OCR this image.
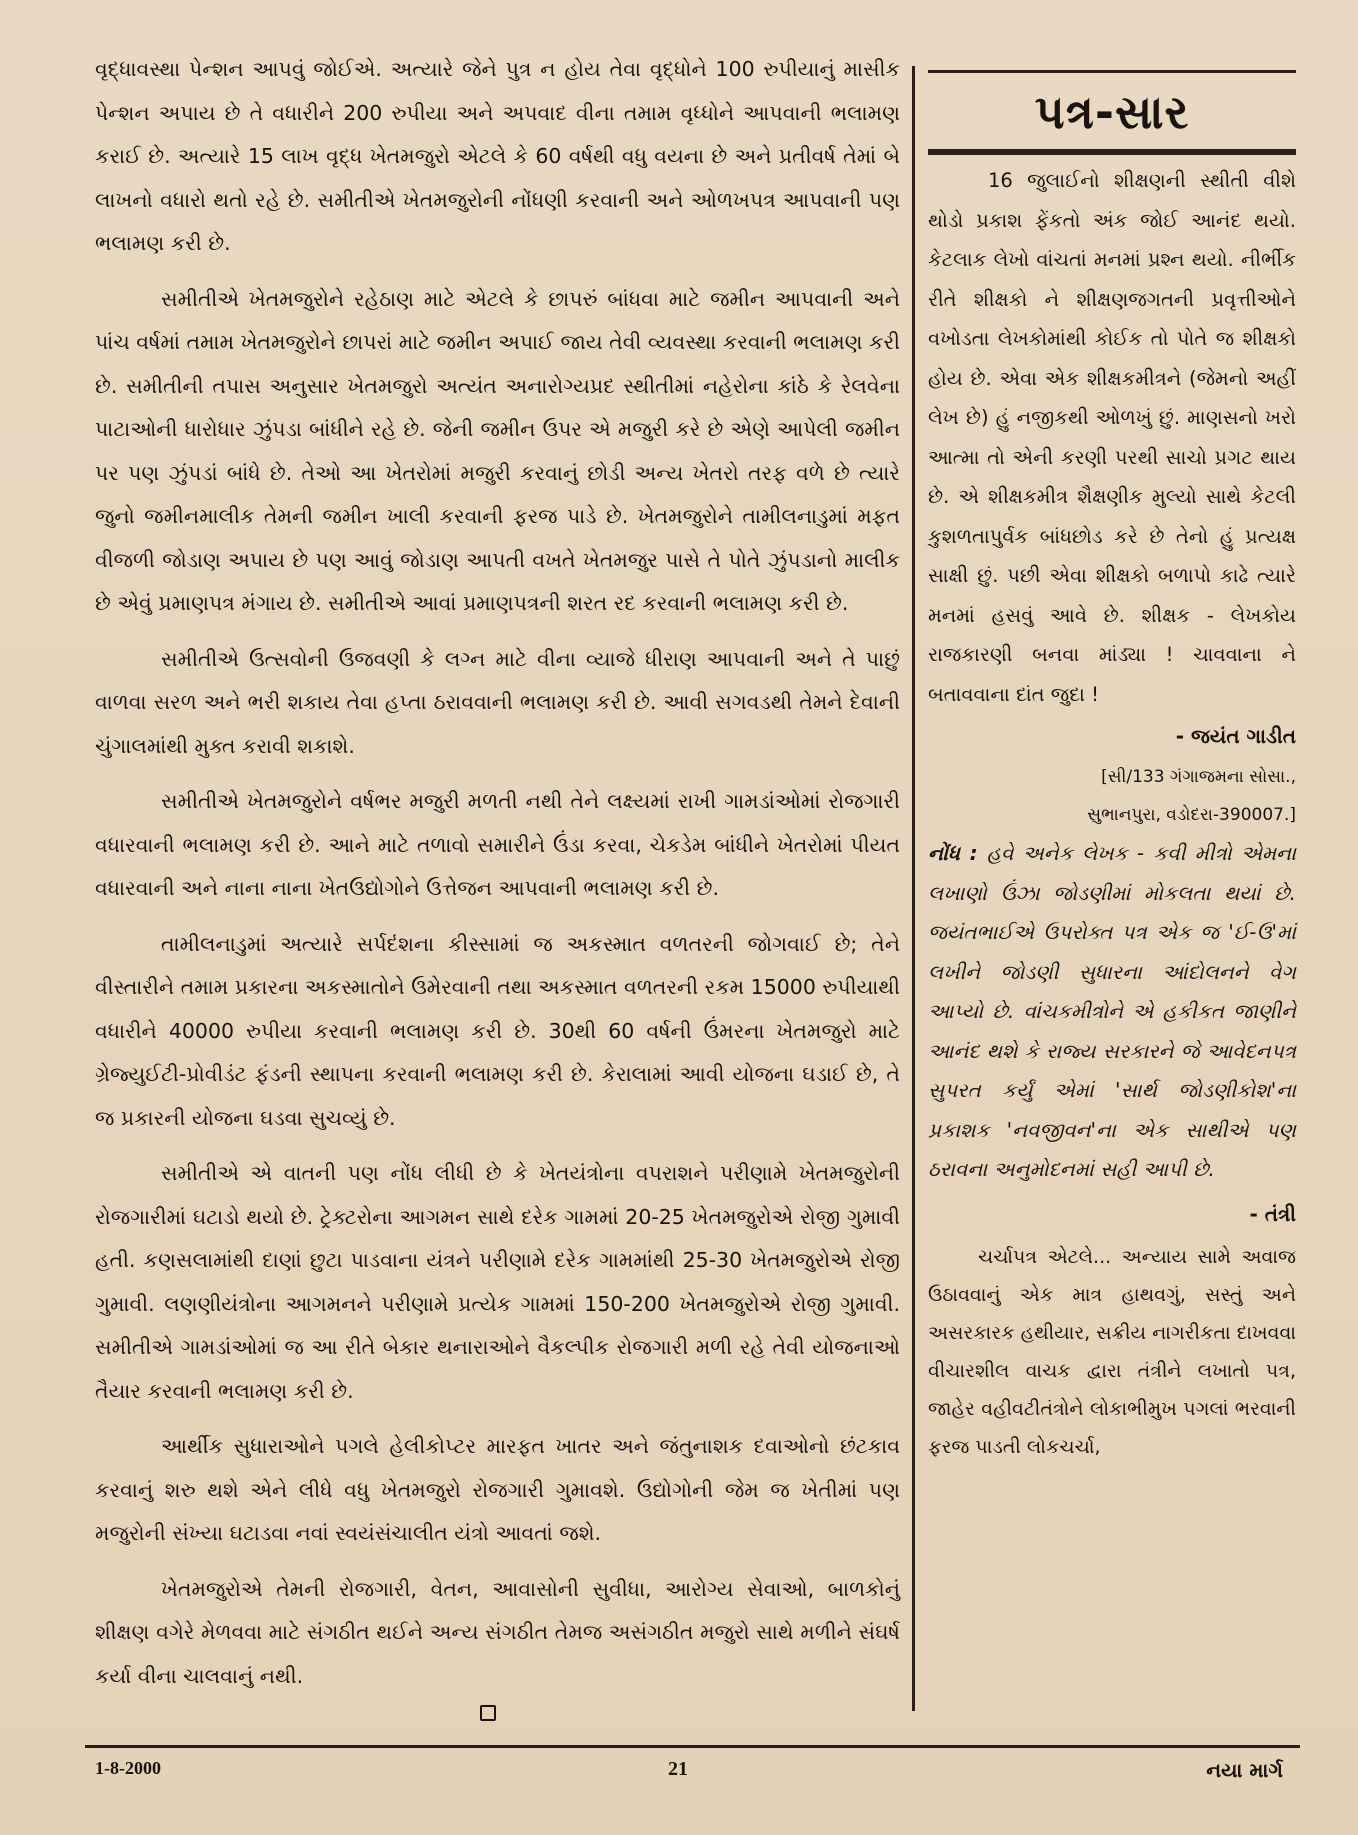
વૃદ્ધાવસ્થા પેન્શન આપવું જોઈએ. અત્યારે જેને પુત્ર ન હોય તેવા વૃદ્ધોને 100 રુપીયાનું માસીક પેન્શન અપાય છે તે વધારીને 200 રુપીયા અને અપવાદ વીના તમામ વૃધ્ધોને આપવાની ભલામણ કરાઈ છે. અત્યારે 15 લાખ વૃદ્ધ ખેતમજુરો એટલે કે 60 વર્ષથી વધુ વયના છે અને પ્રતીવર્ષ તેમાં બે લાખનો વધારો થતો રહે છે. સમીતીએ ખેતમજુરોની નોંધણી કરવાની અને ઓળખપત્ર આપવાની પણ ભલામણ કરી છે.

સમીતીએ ખેતમજુરોને રહેઠાણ માટે એટલે કે છાપરું બાંધવા માટે જમીન આપવાની અને પાંચ વર્ષમાં તમામ ખેતમજુરોને છાપરાં માટે જમીન અપાઈ જાય તેવી વ્યવસ્થા કરવાની ભલામણ કરી છે. સમીતીની તપાસ અનુસાર ખેતમજુરો અત્યંત અનારોગ્યપ્રદ સ્થીતીમાં નહેરોના કાંઠે કે રેલવેના પાટાઓની ધારોધાર ઝુંપડા બાંધીને રહે છે. જેની જમીન ઉપર એ મજુરી કરે છે એણે આપેલી જમીન પર પણ ઝુંપડાં બાંધે છે. તેઓ આ ખેતરોમાં મજુરી કરવાનું છોડી અન્ય ખેતરો તરફ વળે છે ત્યારે જુનો જમીનમાલીક તેમની જમીન ખાલી કરવાની ફરજ પાડે છે. ખેતમજુરોને તામીલનાડુમાં મફત વીજળી જોડાણ અપાય છે પણ આવું જોડાણ આપતી વખતે ખેતમજુર પાસે તે પોતે ઝુંપડાનો માલીક છે એવું પ્રમાણપત્ર મંગાય છે. સમીતીએ આવાં પ્રમાણપત્રની શરત રદ કરવાની ભલામણ કરી છે.

સમીતીએ ઉત્સવોની ઉજવણી કે લગ્ન માટે વીના વ્યાજે ધીરાણ આપવાની અને તે પાછું વાળવા સરળ અને ભરી શકાય તેવા હપ્તા ઠરાવવાની ભલામણ કરી છે. આવી સગવડથી તેમને દેવાની ચુંગાલમાંથી મુક્ત કરાવી શકાશે.

સમીતીએ ખેતમજુરોને વર્ષભર મજુરી મળતી નથી તેને લક્ષ્યમાં રાખી ગામડાંઓમાં રોજગારી વધારવાની ભલામણ કરી છે. આને માટે તળાવો સમારીને ઉંડા કરવા, ચેકડેમ બાંધીને ખેતરોમાં પીયત વધારવાની અને નાના નાના ખેતઉદ્યોગોને ઉત્તેજન આપવાની ભલામણ કરી છે.

તામીલનાડુમાં અત્યારે સર્પદંશના કીસ્સામાં જ અકસ્માત વળતરની જોગવાઈ છે; તેને વીસ્તારીને તમામ પ્રકારના અકસ્માતોને ઉમેરવાની તથા અકસ્માત વળતરની રકમ 15000 રુપીયાથી વધારીને 40000 રુપીયા કરવાની ભલામણ કરી છે. 30થી 60 વર્ષની ઉંમરના ખેતમજુરો માટે ગ્રેજ્યુઈટી-પ્રોવીડંટ ફંડની સ્થાપના કરવાની ભલામણ કરી છે. કેરાલામાં આવી યોજના ઘડાઈ છે, તે જ પ્રકારની યોજના ઘડવા સુચવ્યું છે.

સમીતીએ એ વાતની પણ નોંધ લીધી છે કે ખેતયંત્રોના વપરાશને પરીણામે ખેતમજુરોની રોજગારીમાં ઘટાડો થયો છે. ટ્રેક્ટરોના આગમન સાથે દરેક ગામમાં 20-25 ખેતમજુરોએ રોજી ગુમાવી હતી. કણસલામાંથી દાણાં છુટા પાડવાના યંત્રને પરીણામે દરેક ગામમાંથી 25-30 ખેતમજુરોએ રોજી ગુમાવી. લણણીયંત્રોના આગમનને પરીણામે પ્રત્યેક ગામમાં 150-200 ખેતમજુરોએ રોજી ગુમાવી. સમીતીએ ગામડાંઓમાં જ આ રીતે બેકાર થનારાઓને વૈકલ્પીક રોજગારી મળી રહે તેવી યોજનાઓ તૈયાર કરવાની ભલામણ કરી છે.

આર્થીક સુધારાઓને પગલે હેલીકોપ્ટર મારફત ખાતર અને જંતુનાશક દવાઓનો છંટકાવ કરવાનું શરુ થશે એને લીધે વધુ ખેતમજુરો રોજગારી ગુમાવશે. ઉદ્યોગોની જેમ જ ખેતીમાં પણ મજુરોની સંખ્યા ઘટાડવા નવાં સ્વયંસંચાલીત યંત્રો આવતાં જશે.

ખેતમજુરોએ તેમની રોજગારી, વેતન, આવાસોની સુવીધા, આરોગ્ય સેવાઓ, બાળકોનું શીક્ષણ વગેરે મેળવવા માટે સંગઠીત થઈને અન્ય સંગઠીત તેમજ અસંગઠીત મજુરો સાથે મળીને સંઘર્ષ કર્યા વીના ચાલવાનું નથી.

પત્ર-સાર

16 જુલાઈનો શીક્ષણની સ્થીતી વીશે થોડો પ્રકાશ ફેંકતો અંક જોઈ આનંદ થયો. કેટલાક લેખો વાંચતાં મનમાં પ્રશ્ન થયો. નીર્ભીક રીતે શીક્ષકો ને શીક્ષણજગતની પ્રવૃત્તીઓને વખોડતા લેખકોમાંથી કોઈક તો પોતે જ શીક્ષકો હોય છે. એવા એક શીક્ષકમીત્રને (જેમનો અહીં લેખ છે) હું નજીકથી ઓળખું છું. માણસનો ખરો આત્મા તો એની કરણી પરથી સાચો પ્રગટ થાય છે. એ શીક્ષકમીત્ર શૈક્ષણીક મુલ્યો સાથે કેટલી કુશળતાપુર્વક બાંધછોડ કરે છે તેનો હું પ્રત્યક્ષ સાક્ષી છું. પછી એવા શીક્ષકો બળાપો કાઢે ત્યારે મનમાં હસવું આવે છે. શીક્ષક - લેખકોય રાજકારણી બનવા માંડ્યા ! ચાવવાના ને બતાવવાના દાંત જુદા !

- જયંત ગાડીત
[સી/133 ગંગાજમના સોસા.,
સુભાનપુરા, વડોદરા-390007.]

નોંધ : હવે અનેક લેખક - કવી મીત્રો એમના લખાણો ઉંઝા જોડણીમાં મોકલતા થયાં છે. જયંતભાઈએ ઉપરોક્ત પત્ર એક જ 'ઈ-ઉ'માં લખીને જોડણી સુધારના આંદોલનને વેગ આપ્યો છે. વાંચકમીત્રોને એ હકીકત જાણીને આનંદ થશે કે રાજ્ય સરકારને જે આવેદનપત્ર સુપરત કર્યું એમાં 'સાર્થ જોડણીકોશ'ના પ્રકાશક 'નવજીવન'ના એક સાથીએ પણ ઠરાવના અનુમોદનમાં સહી આપી છે.

- તંત્રી

ચર્ચાપત્ર એટલે... અન્યાય સામે અવાજ ઉઠાવવાનું એક માત્ર હાથવગું, સસ્તું અને અસરકારક હથીયાર, સક્રીય નાગરીકતા દાખવવા વીચારશીલ વાચક દ્વારા તંત્રીને લખાતો પત્ર, જાહેર વહીવટીતંત્રોને લોકાભીમુખ પગલાં ભરવાની ફરજ પાડતી લોકચર્ચા,

1-8-2000	21	નયા માર્ગ
